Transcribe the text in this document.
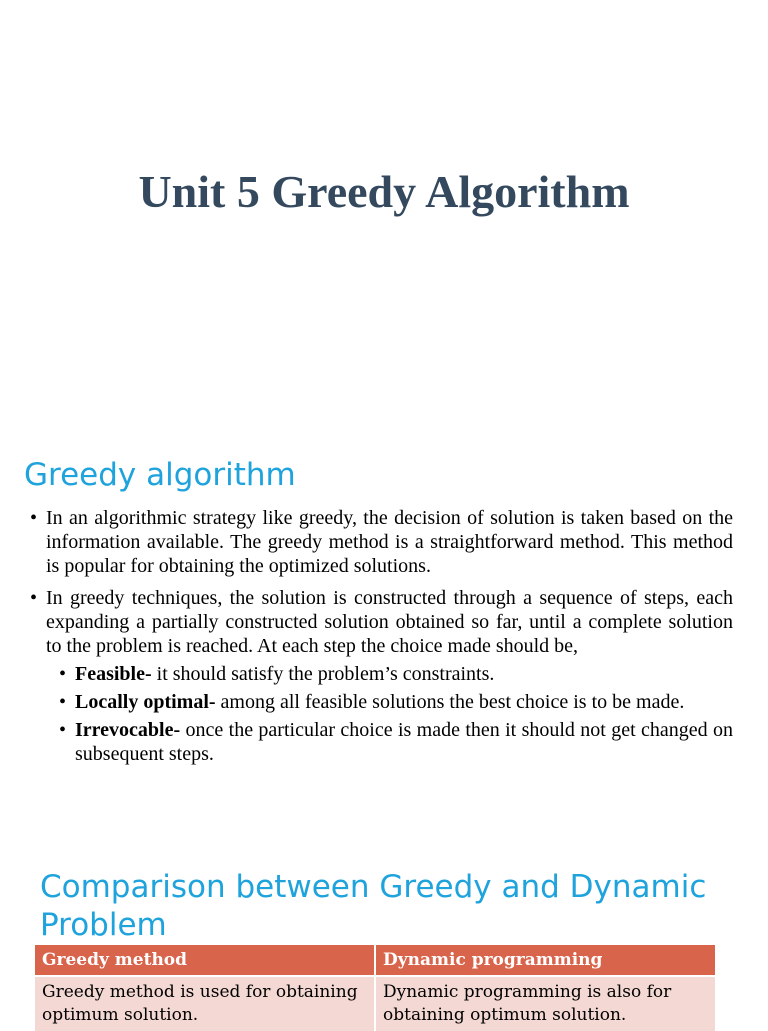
Unit 5 Greedy Algorithm
Greedy algorithm
• In an algorithmic strategy like greedy, the decision of solution is taken based on the information available. The greedy method is a straightforward method. This method is popular for obtaining the optimized solutions.
• In greedy techniques, the solution is constructed through a sequence of steps, each expanding a partially constructed solution obtained so far, until a complete solution to the problem is reached. At each step the choice made should be,
• Feasible- it should satisfy the problem’s constraints.
• Locally optimal- among all feasible solutions the best choice is to be made.
• Irrevocable- once the particular choice is made then it should not get changed on subsequent steps.
Comparison between Greedy and Dynamic Problem
Greedy method	Dynamic programming
Greedy method is used for obtaining optimum solution.	Dynamic programming is also for obtaining optimum solution.
